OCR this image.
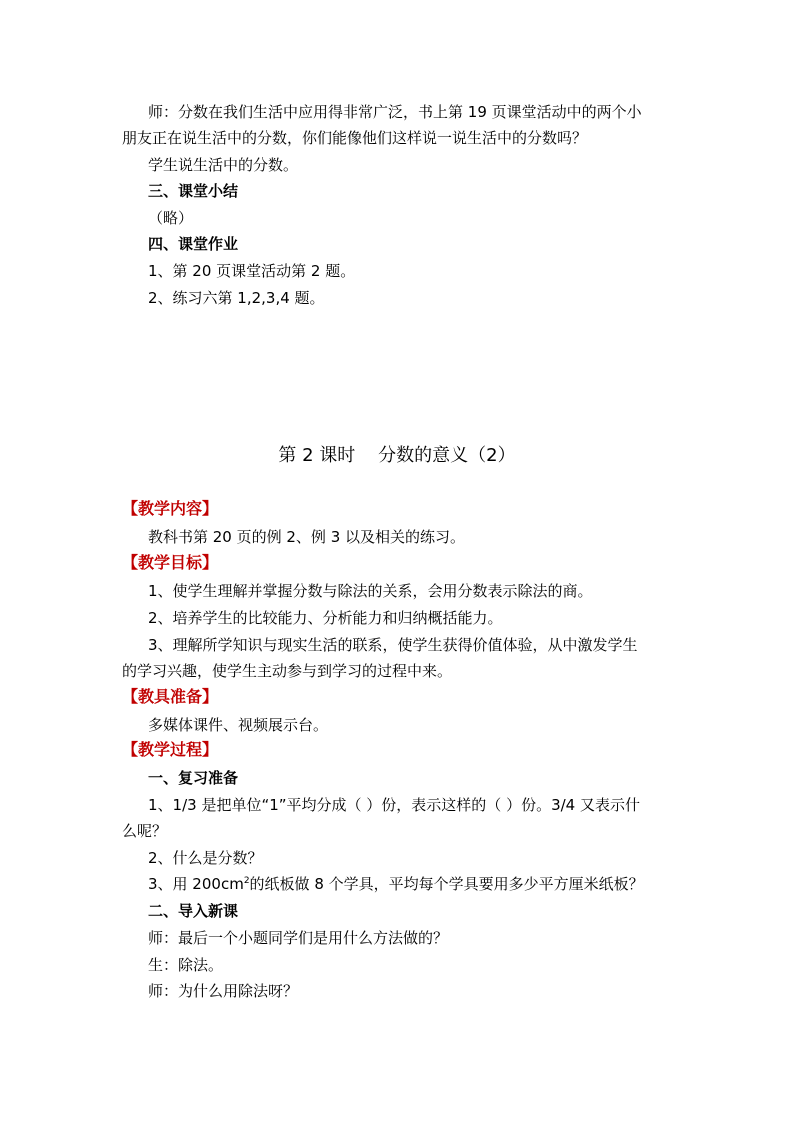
师：分数在我们生活中应用得非常广泛，书上第 19 页课堂活动中的两个小
朋友正在说生活中的分数，你们能像他们这样说一说生活中的分数吗？
学生说生活中的分数。
三、课堂小结
（略）
四、课堂作业
1、第 20 页课堂活动第 2 题。
2、练习六第 1,2,3,4 题。
第 2 课时    分数的意义（2）
【教学内容】
教科书第 20 页的例 2、例 3 以及相关的练习。
【教学目标】
1、使学生理解并掌握分数与除法的关系，会用分数表示除法的商。
2、培养学生的比较能力、分析能力和归纳概括能力。
3、理解所学知识与现实生活的联系，使学生获得价值体验，从中激发学生
的学习兴趣，使学生主动参与到学习的过程中来。
【教具准备】
多媒体课件、视频展示台。
【教学过程】
一、复习准备
1、1/3 是把单位“1”平均分成（ ）份，表示这样的（ ）份。3/4 又表示什
么呢？
2、什么是分数？
3、用 $200cm^2$的纸板做 8 个学具，平均每个学具要用多少平方厘米纸板？
二、导入新课
师：最后一个小题同学们是用什么方法做的？
生：除法。
师：为什么用除法呀？
